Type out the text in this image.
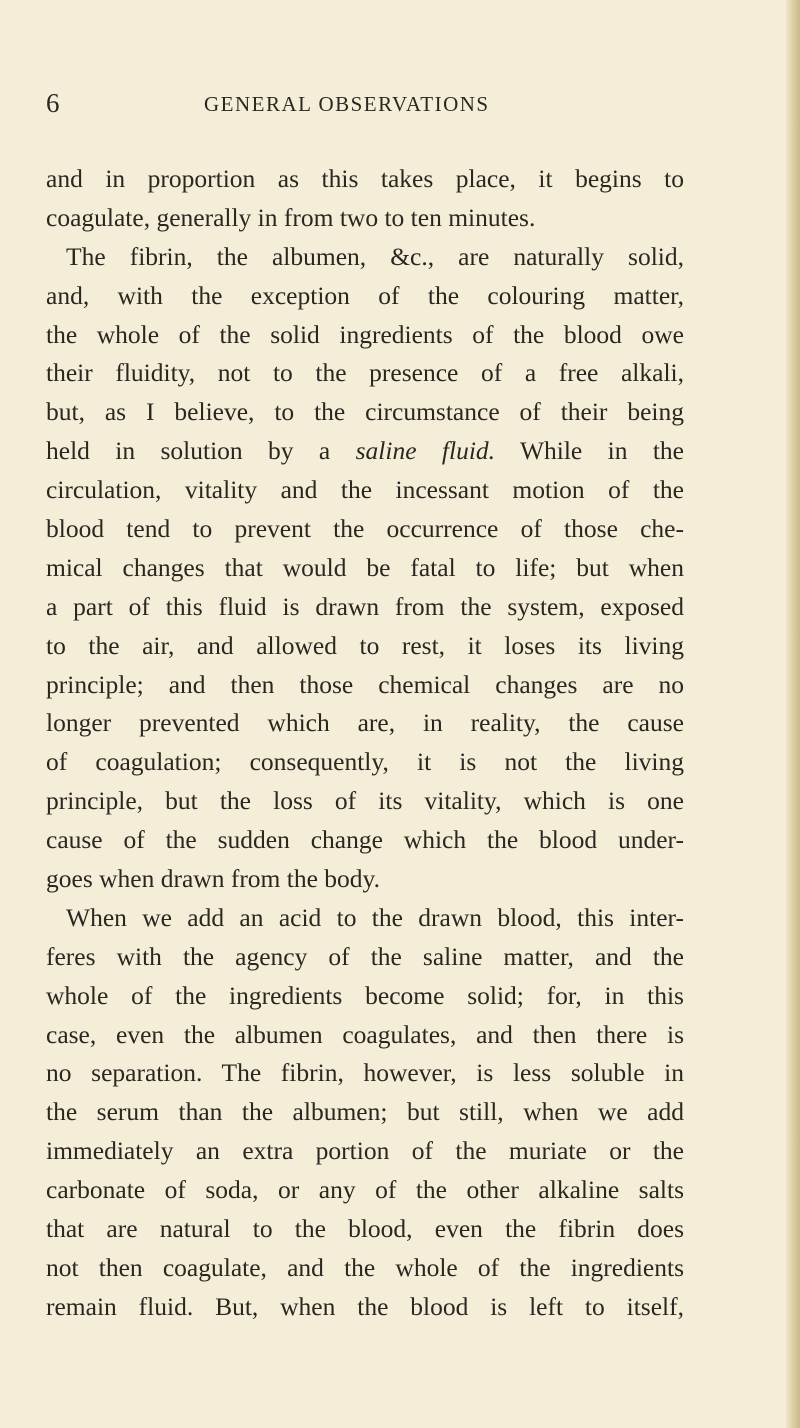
6	GENERAL OBSERVATIONS
and in proportion as this takes place, it begins to
coagulate, generally in from two to ten minutes.
The fibrin, the albumen, &c., are naturally solid,
and, with the exception of the colouring matter,
the whole of the solid ingredients of the blood owe
their fluidity, not to the presence of a free alkali,
but, as I believe, to the circumstance of their being
held in solution by a saline fluid. While in the
circulation, vitality and the incessant motion of the
blood tend to prevent the occurrence of those che-
mical changes that would be fatal to life; but when
a part of this fluid is drawn from the system, exposed
to the air, and allowed to rest, it loses its living
principle; and then those chemical changes are no
longer prevented which are, in reality, the cause
of coagulation; consequently, it is not the living
principle, but the loss of its vitality, which is one
cause of the sudden change which the blood under-
goes when drawn from the body.
When we add an acid to the drawn blood, this inter-
feres with the agency of the saline matter, and the
whole of the ingredients become solid; for, in this
case, even the albumen coagulates, and then there is
no separation. The fibrin, however, is less soluble in
the serum than the albumen; but still, when we add
immediately an extra portion of the muriate or the
carbonate of soda, or any of the other alkaline salts
that are natural to the blood, even the fibrin does
not then coagulate, and the whole of the ingredients
remain fluid. But, when the blood is left to itself,
